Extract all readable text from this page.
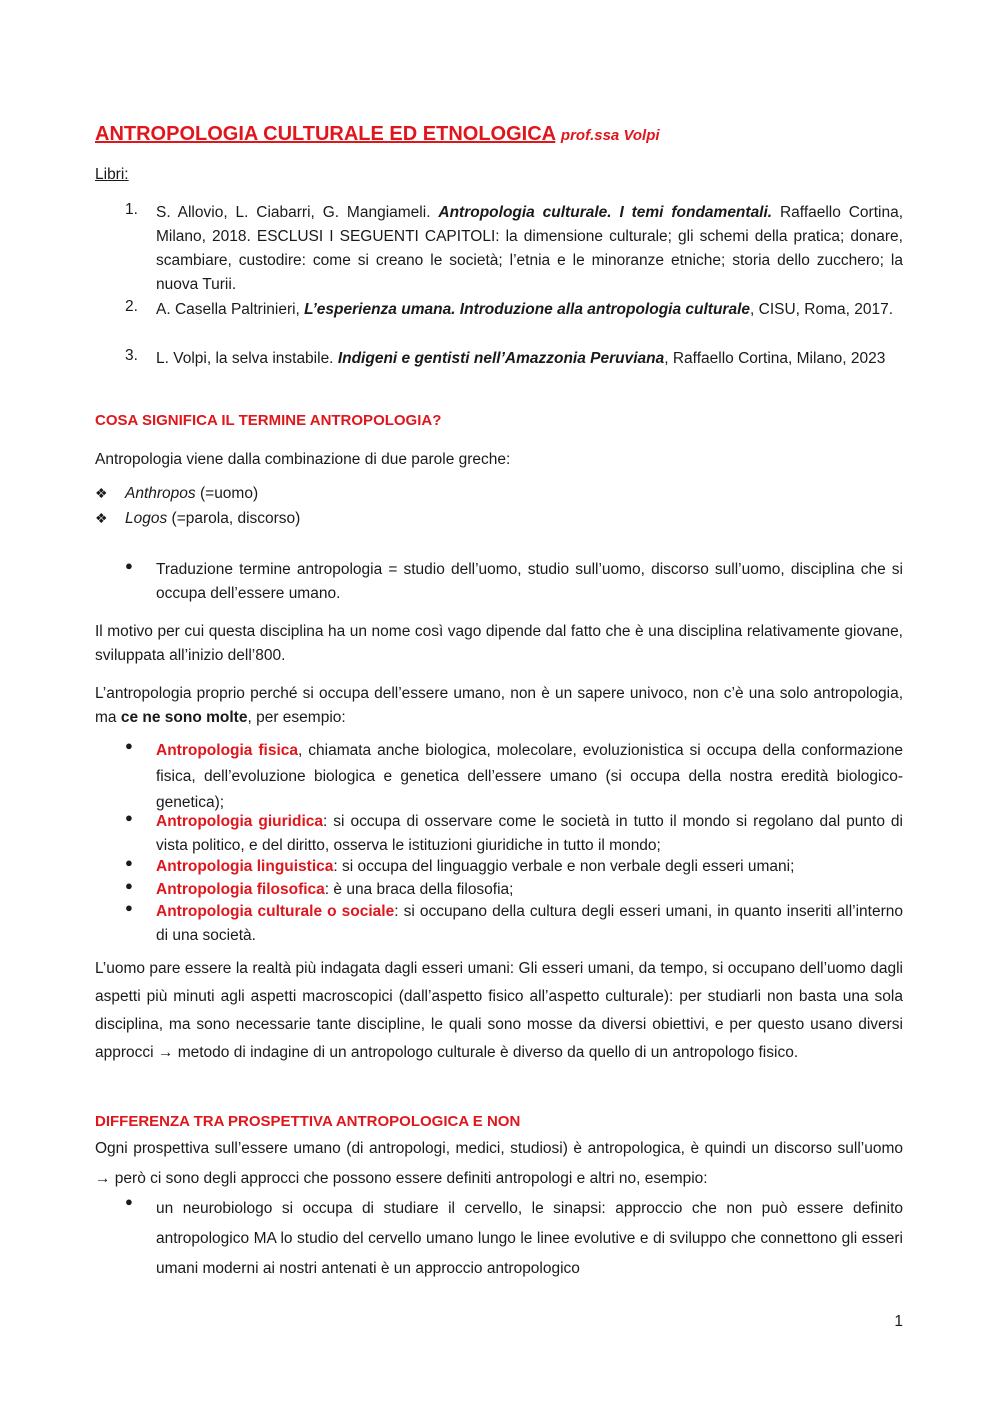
ANTROPOLOGIA CULTURALE ED ETNOLOGICA prof.ssa Volpi
Libri:
1. S. Allovio, L. Ciabarri, G. Mangiameli. Antropologia culturale. I temi fondamentali. Raffaello Cortina, Milano, 2018. ESCLUSI I SEGUENTI CAPITOLI: la dimensione culturale; gli schemi della pratica; donare, scambiare, custodire: come si creano le società; l’etnia e le minoranze etniche; storia dello zucchero; la nuova Turii.
2. A. Casella Paltrinieri, L’esperienza umana. Introduzione alla antropologia culturale, CISU, Roma, 2017.
3. L. Volpi, la selva instabile. Indigeni e gentisti nell’Amazzonia Peruviana, Raffaello Cortina, Milano, 2023
COSA SIGNIFICA IL TERMINE ANTROPOLOGIA?
Antropologia viene dalla combinazione di due parole greche:
❖ Anthropos (=uomo)
❖ Logos (=parola, discorso)
● Traduzione termine antropologia = studio dell’uomo, studio sull’uomo, discorso sull’uomo, disciplina che si occupa dell’essere umano.
Il motivo per cui questa disciplina ha un nome così vago dipende dal fatto che è una disciplina relativamente giovane, sviluppata all’inizio dell’800.
L’antropologia proprio perché si occupa dell’essere umano, non è un sapere univoco, non c’è una solo antropologia, ma ce ne sono molte, per esempio:
● Antropologia fisica, chiamata anche biologica, molecolare, evoluzionistica si occupa della conformazione fisica, dell’evoluzione biologica e genetica dell’essere umano (si occupa della nostra eredità biologico-genetica);
● Antropologia giuridica: si occupa di osservare come le società in tutto il mondo si regolano dal punto di vista politico, e del diritto, osserva le istituzioni giuridiche in tutto il mondo;
● Antropologia linguistica: si occupa del linguaggio verbale e non verbale degli esseri umani;
● Antropologia filosofica: è una braca della filosofia;
● Antropologia culturale o sociale: si occupano della cultura degli esseri umani, in quanto inseriti all’interno di una società.
L’uomo pare essere la realtà più indagata dagli esseri umani: Gli esseri umani, da tempo, si occupano dell’uomo dagli aspetti più minuti agli aspetti macroscopici (dall’aspetto fisico all’aspetto culturale): per studiarli non basta una sola disciplina, ma sono necessarie tante discipline, le quali sono mosse da diversi obiettivi, e per questo usano diversi approcci → metodo di indagine di un antropologo culturale è diverso da quello di un antropologo fisico.
DIFFERENZA TRA PROSPETTIVA ANTROPOLOGICA E NON
Ogni prospettiva sull’essere umano (di antropologi, medici, studiosi) è antropologica, è quindi un discorso sull’uomo → però ci sono degli approcci che possono essere definiti antropologi e altri no, esempio:
● un neurobiologo si occupa di studiare il cervello, le sinapsi: approccio che non può essere definito antropologico MA lo studio del cervello umano lungo le linee evolutive e di sviluppo che connettono gli esseri umani moderni ai nostri antenati è un approccio antropologico
1
